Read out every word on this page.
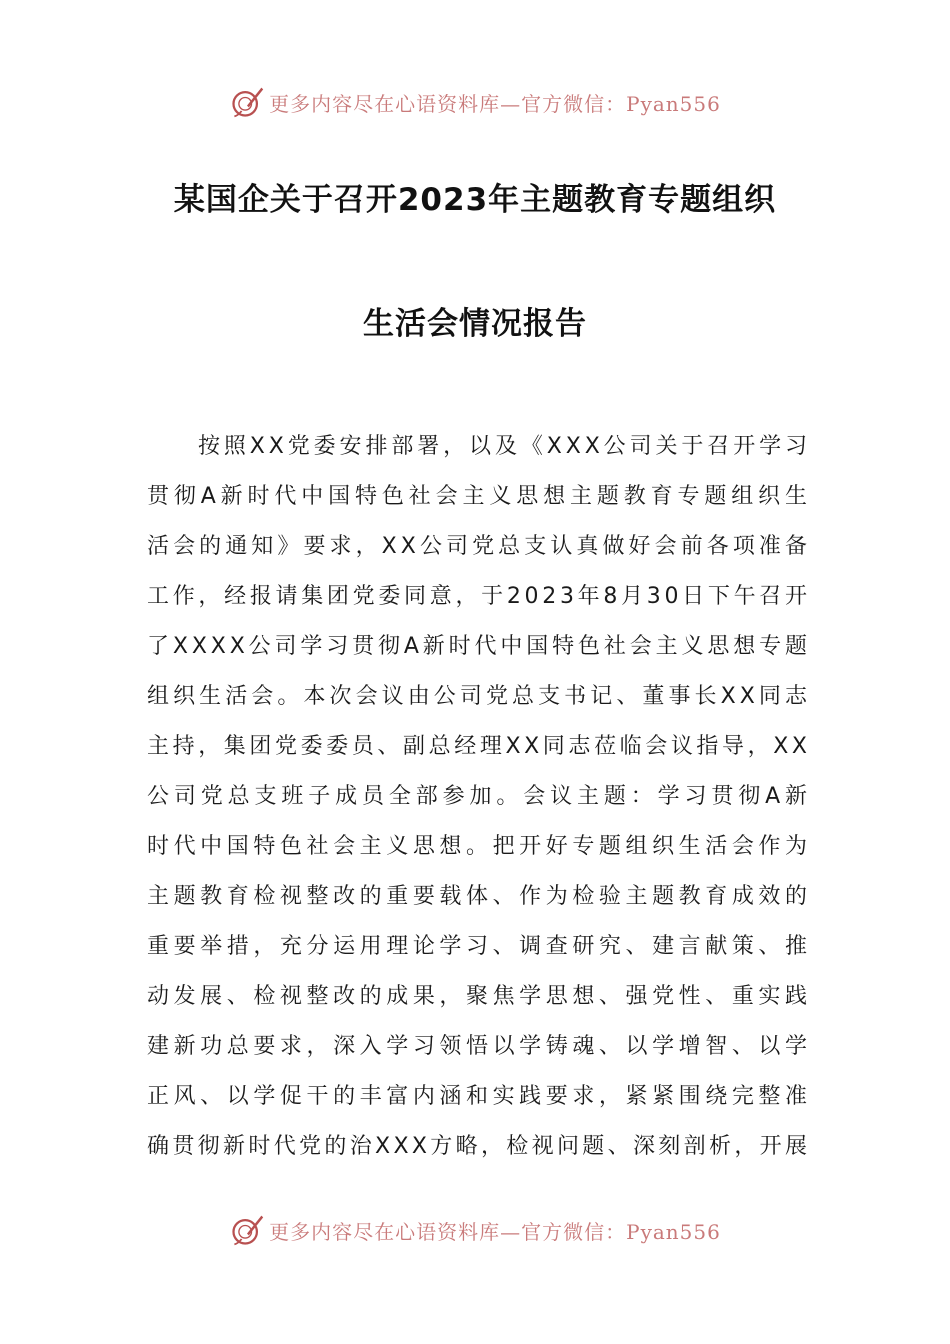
更多内容尽在心语资料库—官方微信：Pyan556
某国企关于召开2023年主题教育专题组织
生活会情况报告
按照XX党委安排部署，以及《XXX公司关于召开学习
贯彻A新时代中国特色社会主义思想主题教育专题组织生
活会的通知》要求，XX公司党总支认真做好会前各项准备
工作，经报请集团党委同意，于2023年8月30日下午召开
了XXXX公司学习贯彻A新时代中国特色社会主义思想专题
组织生活会。本次会议由公司党总支书记、董事长XX同志
主持，集团党委委员、副总经理XX同志莅临会议指导，XX
公司党总支班子成员全部参加。会议主题：学习贯彻A新
时代中国特色社会主义思想。把开好专题组织生活会作为
主题教育检视整改的重要载体、作为检验主题教育成效的
重要举措，充分运用理论学习、调查研究、建言献策、推
动发展、检视整改的成果，聚焦学思想、强党性、重实践
建新功总要求，深入学习领悟以学铸魂、以学增智、以学
正风、以学促干的丰富内涵和实践要求，紧紧围绕完整准
确贯彻新时代党的治XXX方略，检视问题、深刻剖析，开展
更多内容尽在心语资料库—官方微信：Pyan556
